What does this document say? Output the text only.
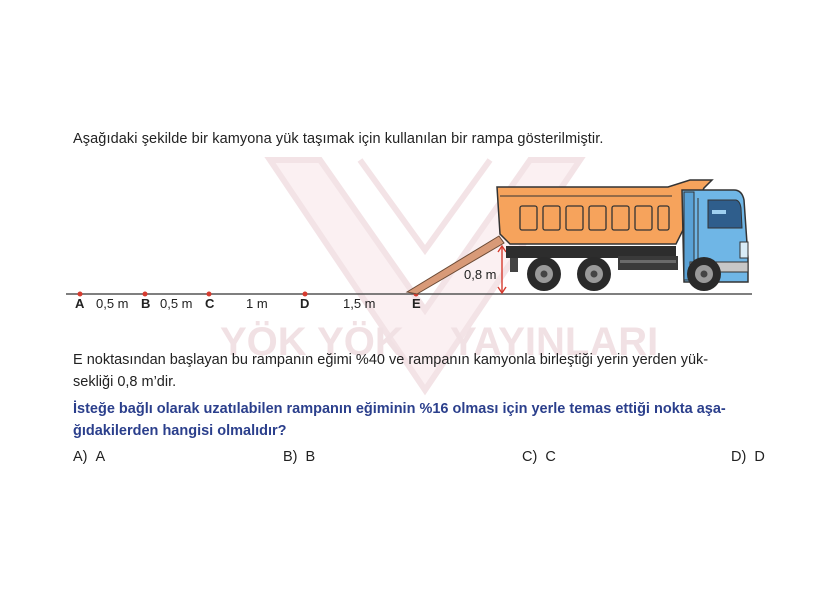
YÖK YÖK YAYINLARI
Aşağıdaki şekilde bir kamyona yük taşımak için kullanılan bir rampa gösterilmiştir.
A	B	C	D	E
0,5 m 0,5 m	1 m	1,5 m
0,8 m
E noktasından başlayan bu rampanın eğimi %40 ve rampanın kamyonla birleştiği yerin yerden yük-
sekliği 0,8 m’dir.
İsteğe bağlı olarak uzatılabilen rampanın eğiminin %16 olması için yerle temas ettiği nokta aşa-
ğıdakilerden hangisi olmalıdır?
A) A	B) B	C) C	D) D
